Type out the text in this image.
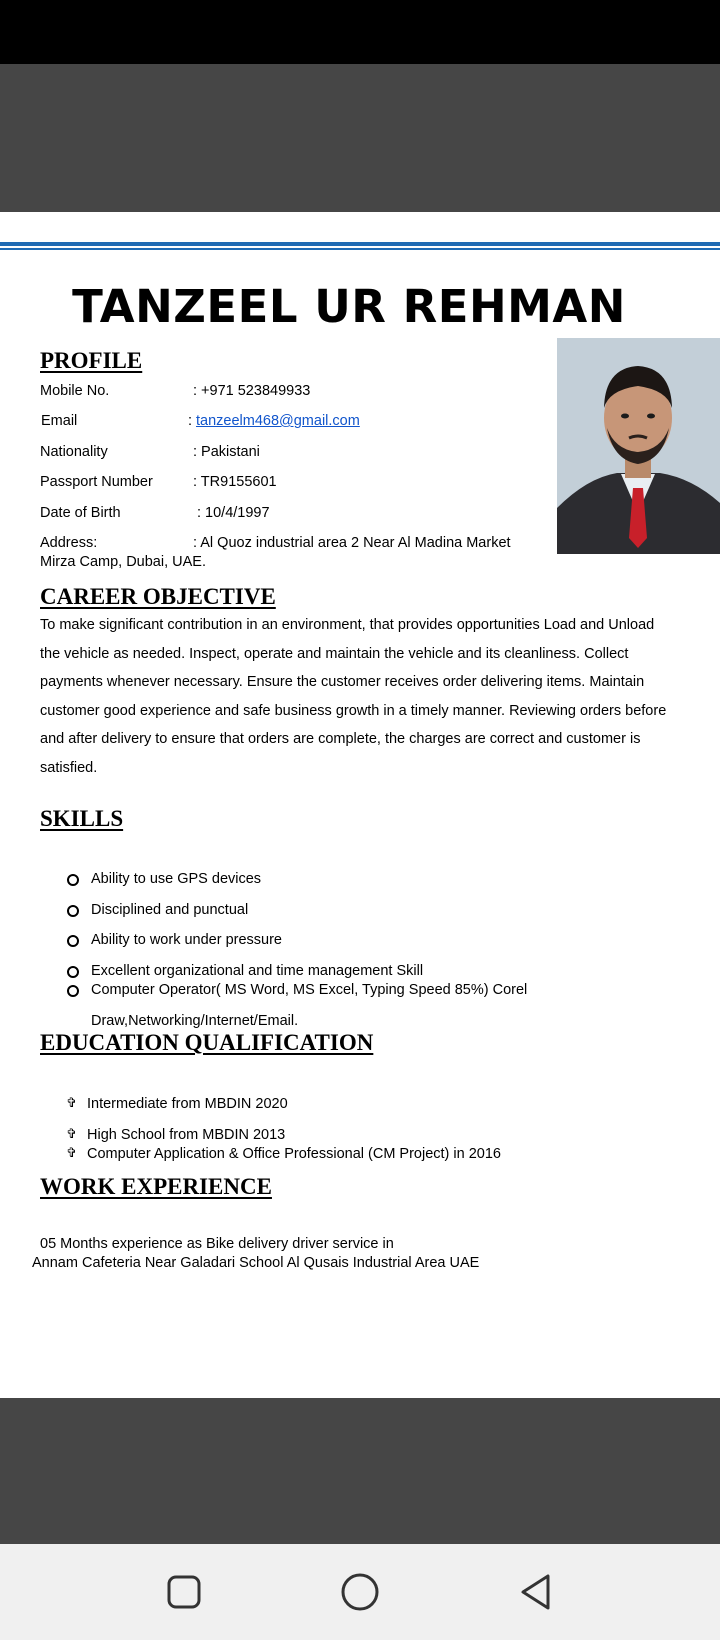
TANZEEL UR REHMAN
PROFILE
Mobile No.	: +971 523849933
Email	: tanzeelm468@gmail.com
Nationality	: Pakistani
Passport Number	: TR9155601
Date of Birth	: 10/4/1997
Address:	: Al Quoz industrial area 2 Near Al Madina Market
Mirza Camp, Dubai, UAE.
CAREER OBJECTIVE
To make significant contribution in an environment, that provides opportunities Load and Unload
the vehicle as needed. Inspect, operate and maintain the vehicle and its cleanliness. Collect
payments whenever necessary. Ensure the customer receives order delivering items. Maintain
customer good experience and safe business growth in a timely manner. Reviewing orders before
and after delivery to ensure that orders are complete, the charges are correct and customer is
satisfied.
SKILLS
Ability to use GPS devices
Disciplined and punctual
Ability to work under pressure
Excellent organizational and time management Skill
Computer Operator( MS Word, MS Excel, Typing Speed 85%) Corel
Draw,Networking/Internet/Email.
EDUCATION QUALIFICATION
✞ Intermediate from MBDIN 2020
✞ High School from MBDIN 2013
✞ Computer Application & Office Professional (CM Project) in 2016
WORK EXPERIENCE
05 Months experience as Bike delivery driver service in
Annam Cafeteria Near Galadari School Al Qusais Industrial Area UAE
